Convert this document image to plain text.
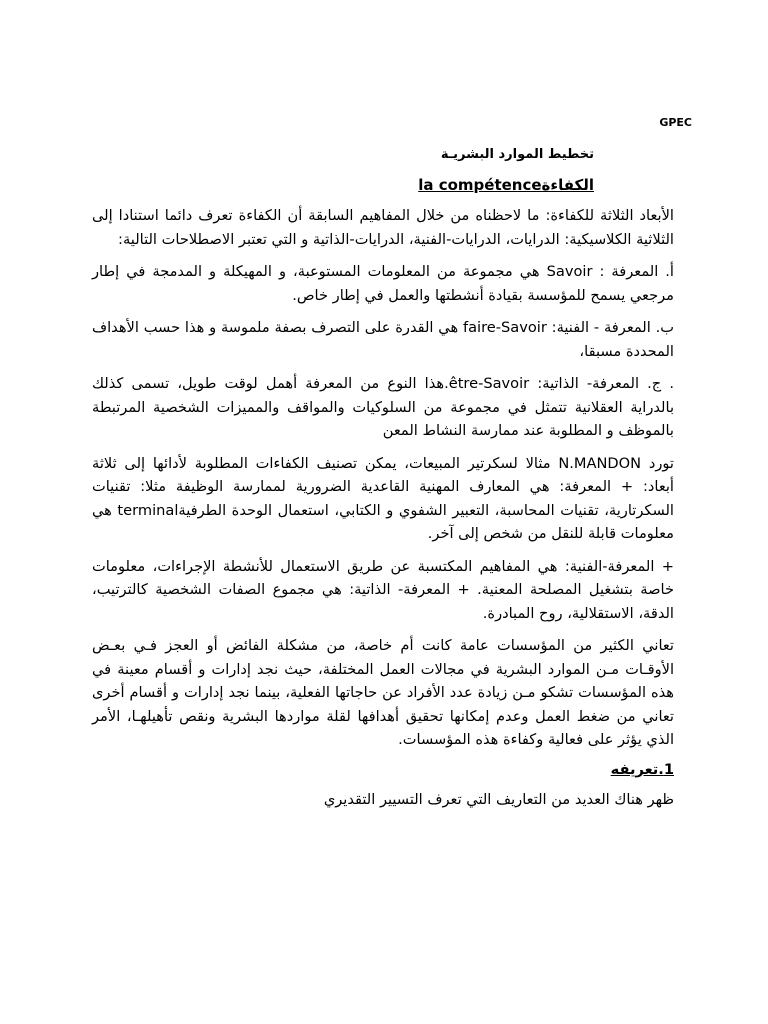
GPEC
تخطيط الموارد البشريـة
الكفاءةla compétence

الأبعاد الثلاثة للكفاءة: ما لاحظناه من خلال المفاهيم السابقة أن الكفاءة تعرف دائما استنادا إلى الثلاثية الكلاسيكية: الدرايات، الدرايات-الفنية، الدرايات-الذاتية و التي تعتبر الاصطلاحات التالية:

أ. المعرفة : Savoir هي مجموعة من المعلومات المستوعبة، و المهيكلة و المدمجة في إطار مرجعي يسمح للمؤسسة بقيادة أنشطتها والعمل في إطار خاص.

ب. المعرفة - الفنية: faire-Savoir هي القدرة على التصرف بصفة ملموسة و هذا حسب الأهداف المحددة مسبقا،

. ج. المعرفة- الذاتية: être-Savoir.هذا النوع من المعرفة أهمل لوقت طويل، تسمى كذلك بالدراية العقلانية تتمثل في مجموعة من السلوكيات والمواقف والمميزات الشخصية المرتبطة بالموظف و المطلوبة عند ممارسة النشاط المعن

تورد N.MANDON مثالا لسكرتير المبيعات، يمكن تصنيف الكفاءات المطلوبة لأدائها إلى ثلاثة أبعاد: + المعرفة: هي المعارف المهنية القاعدية الضرورية لممارسة الوظيفة مثلا: تقنيات السكرتارية، تقنيات المحاسبة، التعبير الشفوي و الكتابي، استعمال الوحدة الطرفيةterminal هي معلومات قابلة للنقل من شخص إلى آخر.

+ المعرفة-الفنية: هي المفاهيم المكتسبة عن طريق الاستعمال للأنشطة الإجراءات، معلومات خاصة بتشغيل المصلحة المعنية. + المعرفة- الذاتية: هي مجموع الصفات الشخصية كالترتيب، الدقة، الاستقلالية، روح المبادرة.

تعاني الكثير من المؤسسات عامة كانت أم خاصة، من مشكلة الفائض أو العجز فـي بعـض الأوقـات مـن الموارد البشرية في مجالات العمل المختلفة، حيث نجد إدارات و أقسام معينة في هذه المؤسسات تشكو مـن زيادة عدد الأفراد عن حاجاتها الفعلية، بينما نجد إدارات و أقسام أخرى تعاني من ضغط العمل وعدم إمكانها تحقيق أهدافها لقلة مواردها البشرية ونقص تأهيلهـا، الأمر الذي يؤثر على فعالية وكفاءة هذه المؤسسات.

1.تعريفه
ظهر هناك العديد من التعاريف التي تعرف التسيير التقديري
